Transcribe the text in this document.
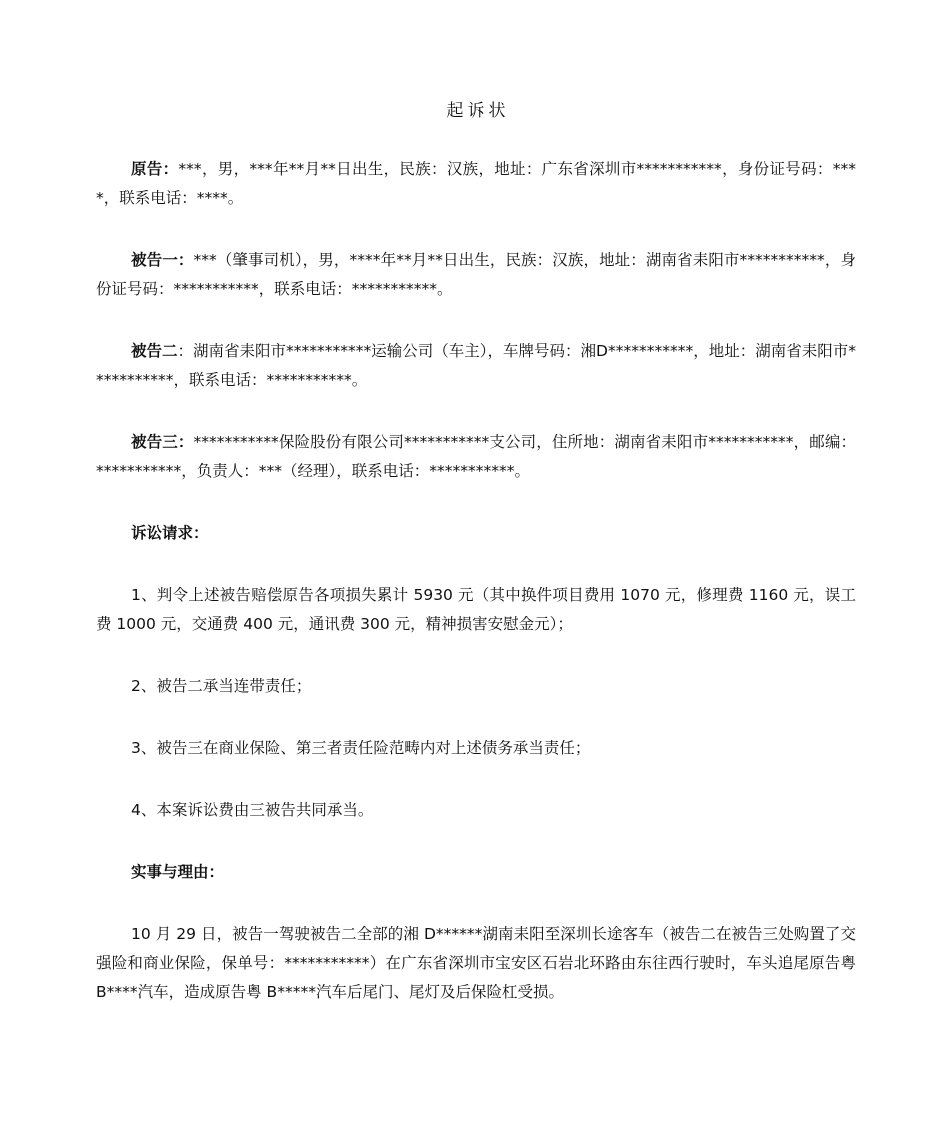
起诉状

原告：***，男，***年**月**日出生，民族：汉族，地址：广东省深圳市***********，身份证号码：****，联系电话：****。

被告一：***（肇事司机），男，****年**月**日出生，民族：汉族，地址：湖南省耒阳市***********，身份证号码：***********，联系电话：***********。

被告二：湖南省耒阳市***********运输公司（车主），车牌号码：湘D***********，地址：湖南省耒阳市***********，联系电话：***********。

被告三：***********保险股份有限公司***********支公司，住所地：湖南省耒阳市***********，邮编：***********，负责人：***（经理），联系电话：***********。

诉讼请求：

1、判令上述被告赔偿原告各项损失累计 5930 元（其中换件项目费用 1070 元，修理费 1160 元，误工费 1000 元，交通费 400 元，通讯费 300 元，精神损害安慰金元）；

2、被告二承当连带责任；

3、被告三在商业保险、第三者责任险范畴内对上述债务承当责任；

4、本案诉讼费由三被告共同承当。

实事与理由：

10 月 29 日，被告一驾驶被告二全部的湘 D******湖南耒阳至深圳长途客车（被告二在被告三处购置了交强险和商业保险，保单号：***********）在广东省深圳市宝安区石岩北环路由东往西行驶时，车头追尾原告粤 B****汽车，造成原告粤 B*****汽车后尾门、尾灯及后保险杠受损。
